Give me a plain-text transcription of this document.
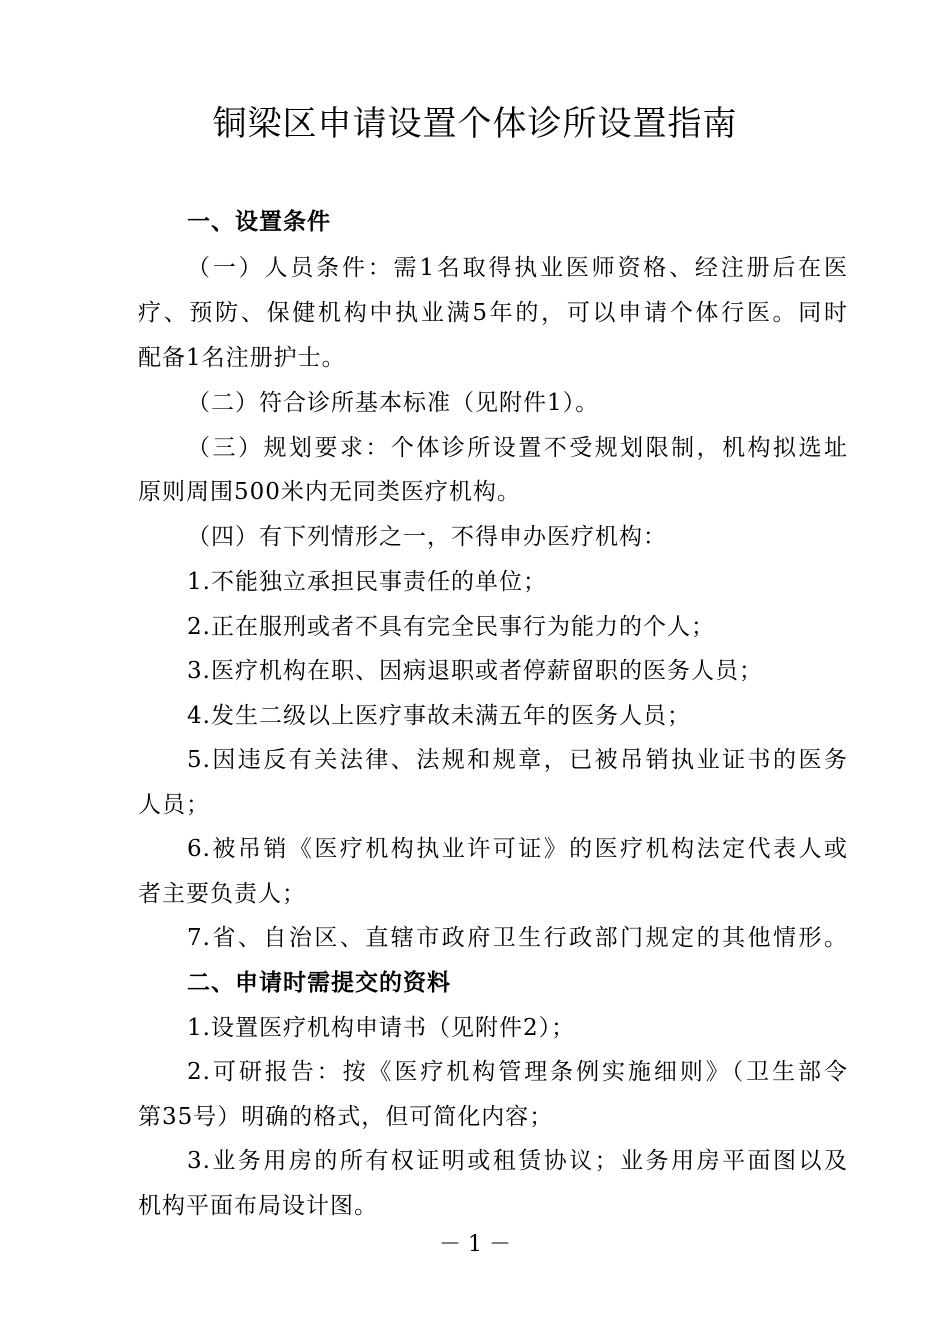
铜梁区申请设置个体诊所设置指南
一、设置条件
（一）人员条件：需1名取得执业医师资格、经注册后在医
疗、预防、保健机构中执业满5年的，可以申请个体行医。同时
配备1名注册护士。
（二）符合诊所基本标准（见附件1）。
（三）规划要求：个体诊所设置不受规划限制，机构拟选址
原则周围500米内无同类医疗机构。
（四）有下列情形之一，不得申办医疗机构：
1.不能独立承担民事责任的单位；
2.正在服刑或者不具有完全民事行为能力的个人；
3.医疗机构在职、因病退职或者停薪留职的医务人员；
4.发生二级以上医疗事故未满五年的医务人员；
5.因违反有关法律、法规和规章，已被吊销执业证书的医务
人员；
6.被吊销《医疗机构执业许可证》的医疗机构法定代表人或
者主要负责人；
7.省、自治区、直辖市政府卫生行政部门规定的其他情形。
二、申请时需提交的资料
1.设置医疗机构申请书（见附件2）；
2.可研报告：按《医疗机构管理条例实施细则》（卫生部令
第35号）明确的格式，但可简化内容；
3.业务用房的所有权证明或租赁协议；业务用房平面图以及
机构平面布局设计图。
－ 1 －
